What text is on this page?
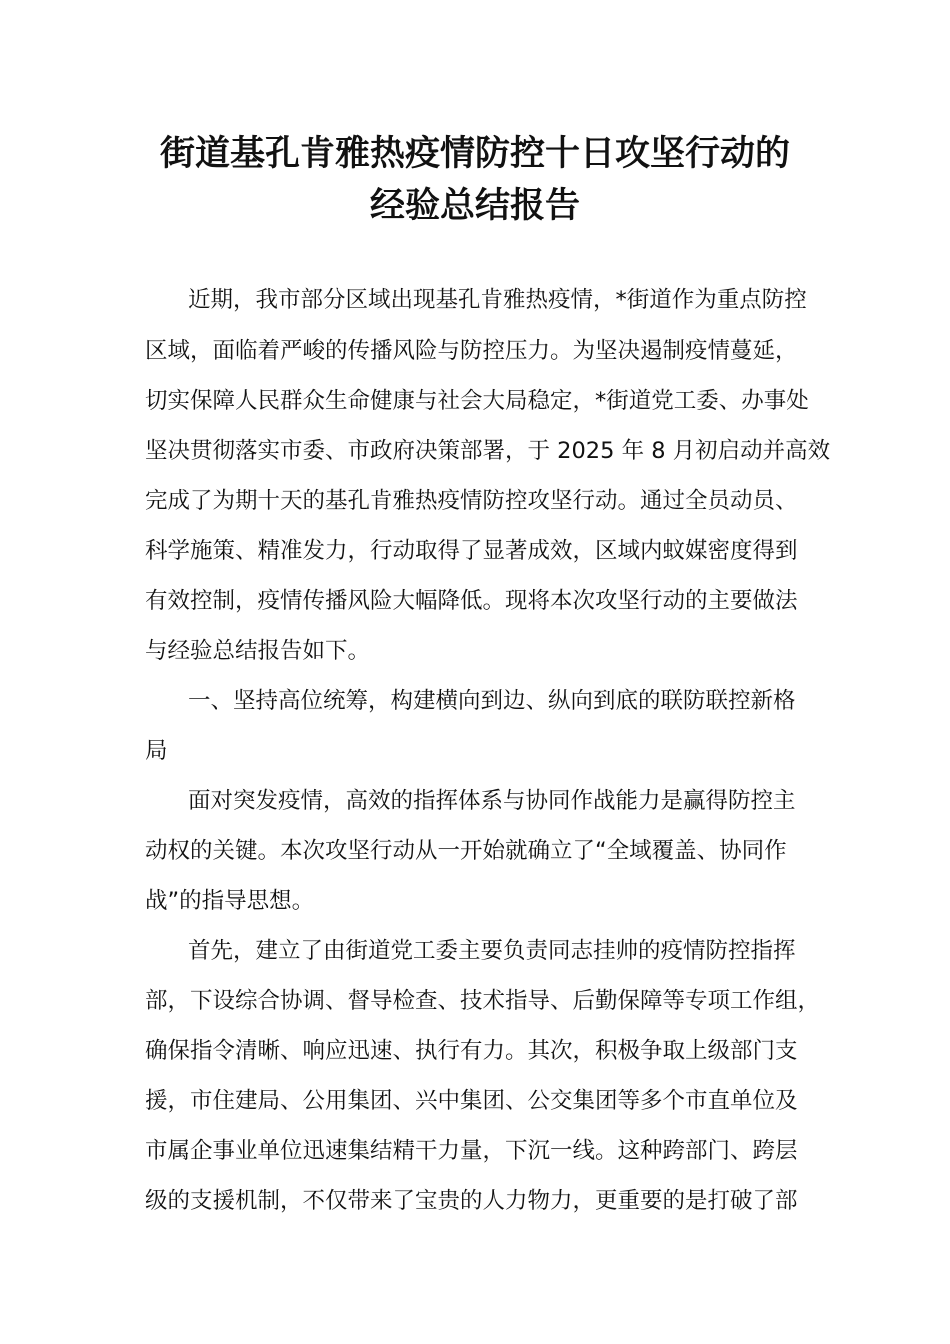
街道基孔肯雅热疫情防控十日攻坚行动的
经验总结报告
近期，我市部分区域出现基孔肯雅热疫情，*街道作为重点防控
区域，面临着严峻的传播风险与防控压力。为坚决遏制疫情蔓延，
切实保障人民群众生命健康与社会大局稳定，*街道党工委、办事处
坚决贯彻落实市委、市政府决策部署，于 2025 年 8 月初启动并高效
完成了为期十天的基孔肯雅热疫情防控攻坚行动。通过全员动员、
科学施策、精准发力，行动取得了显著成效，区域内蚊媒密度得到
有效控制，疫情传播风险大幅降低。现将本次攻坚行动的主要做法
与经验总结报告如下。
一、坚持高位统筹，构建横向到边、纵向到底的联防联控新格
局
面对突发疫情，高效的指挥体系与协同作战能力是赢得防控主
动权的关键。本次攻坚行动从一开始就确立了“全域覆盖、协同作
战”的指导思想。
首先，建立了由街道党工委主要负责同志挂帅的疫情防控指挥
部，下设综合协调、督导检查、技术指导、后勤保障等专项工作组，
确保指令清晰、响应迅速、执行有力。其次，积极争取上级部门支
援，市住建局、公用集团、兴中集团、公交集团等多个市直单位及
市属企事业单位迅速集结精干力量，下沉一线。这种跨部门、跨层
级的支援机制，不仅带来了宝贵的人力物力，更重要的是打破了部
